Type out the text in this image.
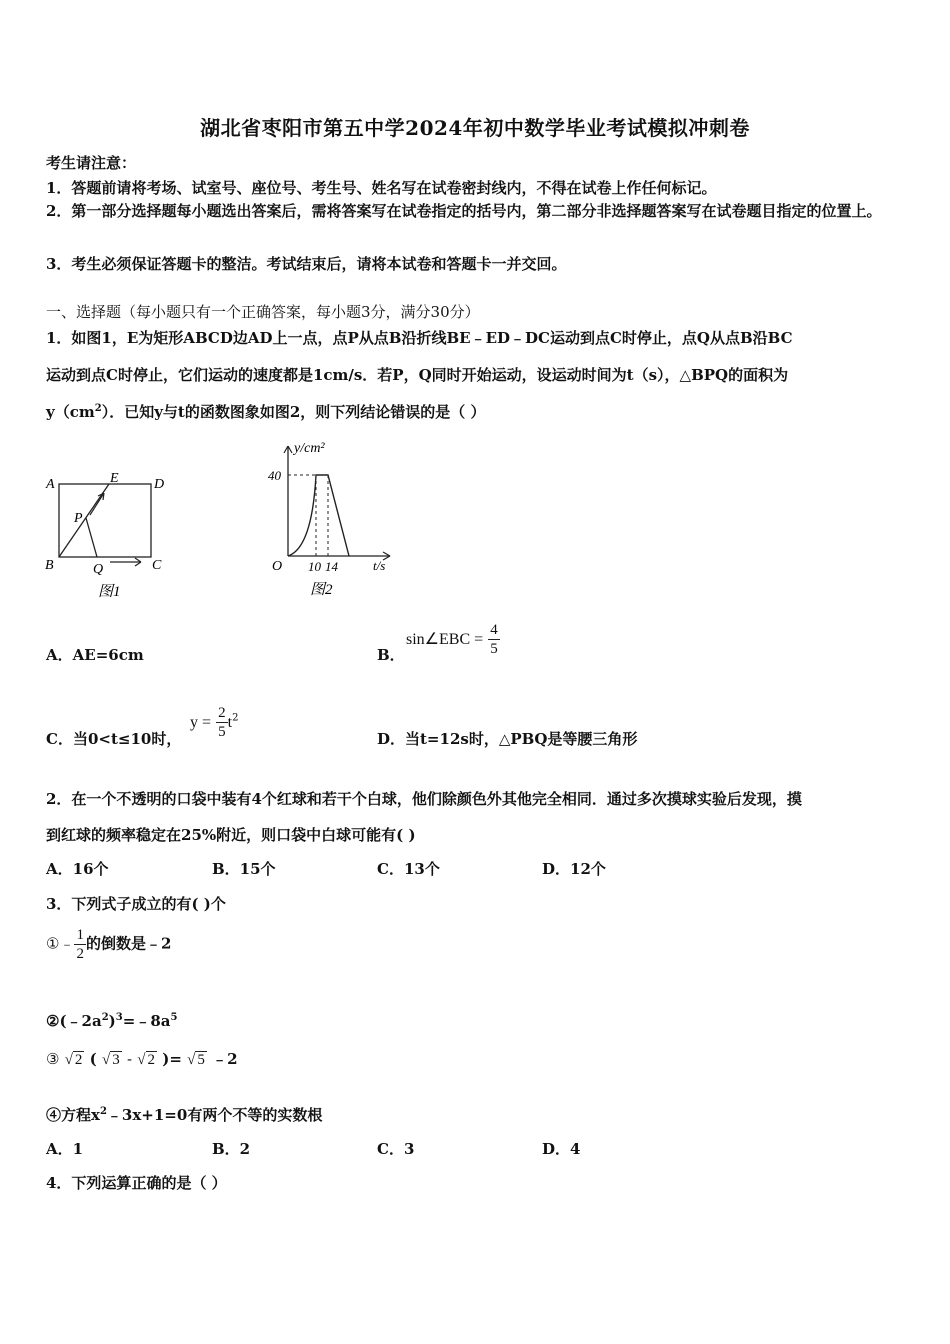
湖北省枣阳市第五中学2024年初中数学毕业考试模拟冲刺卷
考生请注意：
1．答题前请将考场、试室号、座位号、考生号、姓名写在试卷密封线内，不得在试卷上作任何标记。
2．第一部分选择题每小题选出答案后，需将答案写在试卷指定的括号内，第二部分非选择题答案写在试卷题目指定的位置上。
3．考生必须保证答题卡的整洁。考试结束后，请将本试卷和答题卡一并交回。
一、选择题（每小题只有一个正确答案，每小题3分，满分30分）
1．如图1，E为矩形ABCD边AD上一点，点P从点B沿折线BE﹣ED﹣DC运动到点C时停止，点Q从点B沿BC
运动到点C时停止，它们运动的速度都是1cm/s．若P，Q同时开始运动，设运动时间为t（s），△BPQ的面积为
$y(cm^2)$．已知y与t的函数图象如图2，则下列结论错误的是（ ）
A	E	D
P
B	Q	C
图1
y/cm²
40
O 10 14	t/s
图2
A．AE=6cm	B．
sin∠EBC = $\frac{4}{5}$
C．当0<t≤10时，
$y = \frac{2}{5} t^2$
D．当t=12s时，△PBQ是等腰三角形
2．在一个不透明的口袋中装有4个红球和若干个白球，他们除颜色外其他完全相同．通过多次摸球实验后发现，摸
到红球的频率稳定在25%附近，则口袋中白球可能有( )
A．16个	B．15个	C．13个	D．12个
3．下列式子成立的有( )个
①﹣ $\frac{1}{2}$ 的倒数是﹣2
$②(﹣2a^2)^3=﹣8a^5$
③ √ 2 ( √ 3 - √ 2 )= √ 5 ﹣2
④方程$x^2﹣3x+1=0$有两个不等的实数根
A．1	B．2	C．3	D．4
4．下列运算正确的是（ ）
